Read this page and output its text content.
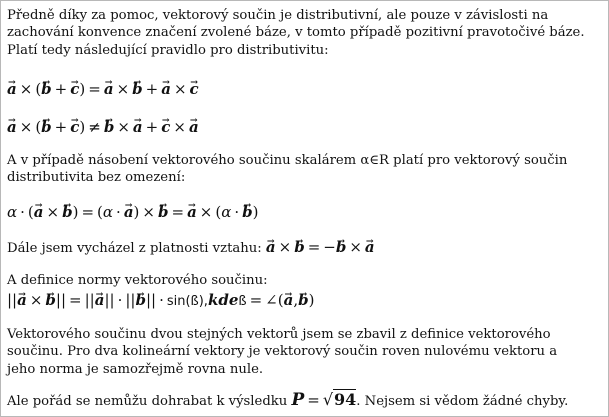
Předně díky za pomoc, vektorový součin je distributivní, ale pouze v závislosti na

zachování konvence značení zvolené báze, v tomto případě pozitivní pravotočivé báze.

Platí tedy následující pravidlo pro distributivitu:

→ a × (→ b + → c) = → a × → b + → a × → c

→ a × (→ b + → c) ≠ → b × → a + → c × → a

A v případě násobení vektorového součinu skalárem α∈R platí pro vektorový součin

distributivita bez omezení:

α · (→ a × → b) = (α · → a) × → b = → a × (α · → b)

Dále jsem vycházel z platnosti vztahu: → a × → b = −→ b × → a

A definice normy vektorového součinu:

||→ a × → b|| = ||→ a|| · ||→ b|| · sin(ß),kdeß = ∠(→ a,→ b)

Vektorového součinu dvou stejných vektorů jsem se zbavil z definice vektorového

součinu. Pro dva kolineární vektory je vektorový součin roven nulovému vektoru a

jeho norma je samozřejmě rovna nule.

Ale pořád se nemůžu dohrabat k výsledku P = √94. Nejsem si vědom žádné chyby.
